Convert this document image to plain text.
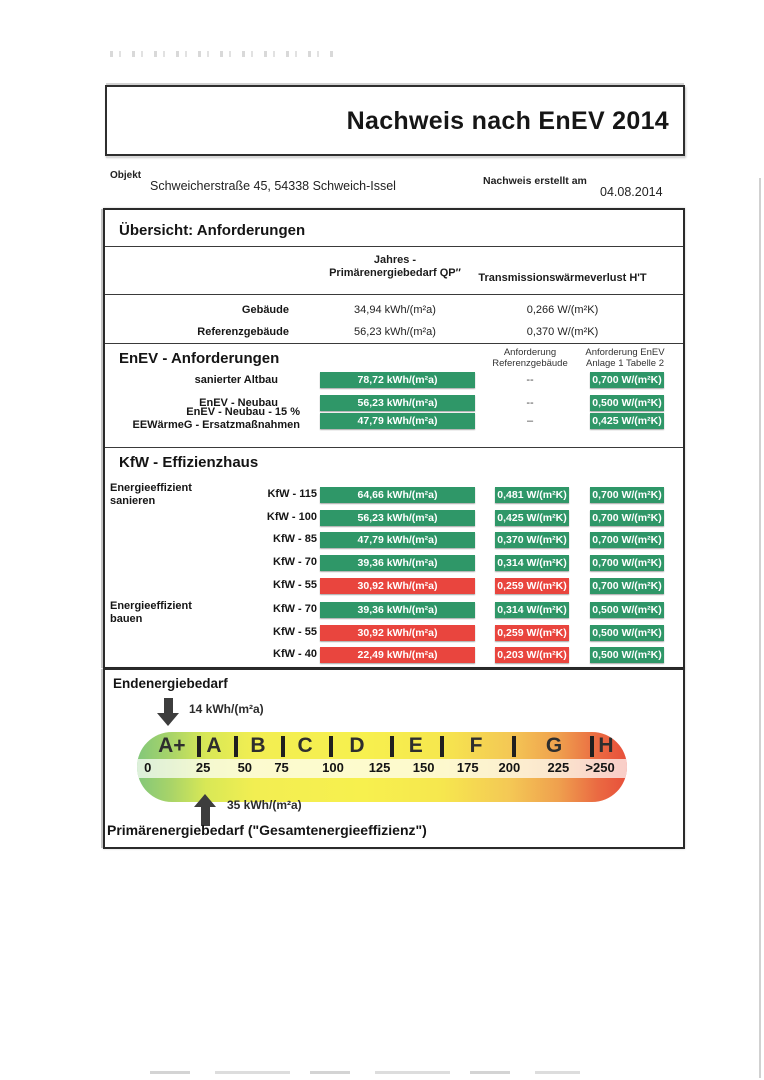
Nachweis nach EnEV 2014
Objekt
Schweicherstraße 45, 54338 Schweich-Issel	Nachweis erstellt am
04.08.2014
Übersicht: Anforderungen
Jahres -
Primärenergiebedarf QP″	Transmissionswärmeverlust H'T
Gebäude	34,94 kWh/(m²a)	0,266 W/(m²K)
Referenzgebäude	56,23 kWh/(m²a)	0,370 W/(m²K)
EnEV - Anforderungen	Anforderung
Referenzgebäude
Anforderung EnEV
Anlage 1 Tabelle 2
sanierter Altbau	78,72 kWh/(m²a)	--	0,700 W/(m²K)
EnEV - Neubau	56,23 kWh/(m²a)	--	0,500 W/(m²K)
EnEV - Neubau - 15 %
EEWärmeG - Ersatzmaßnahmen	47,79 kWh/(m²a)	–	0,425 W/(m²K)
KfW - Effizienzhaus
Energieeffizient
sanieren
KfW - 115	64,66 kWh/(m²a)	0,481 W/(m²K) 0,700 W/(m²K)
KfW - 100	56,23 kWh/(m²a)	0,425 W/(m²K) 0,700 W/(m²K)
KfW - 85	47,79 kWh/(m²a)	0,370 W/(m²K) 0,700 W/(m²K)
KfW - 70	39,36 kWh/(m²a)	0,314 W/(m²K) 0,700 W/(m²K)
KfW - 55	30,92 kWh/(m²a)	0,259 W/(m²K) 0,700 W/(m²K)
Energieeffizient
bauen
KfW - 70	39,36 kWh/(m²a)	0,314 W/(m²K) 0,500 W/(m²K)
KfW - 55	30,92 kWh/(m²a)	0,259 W/(m²K) 0,500 W/(m²K)
KfW - 40	22,49 kWh/(m²a)	0,203 W/(m²K) 0,500 W/(m²K)
Endenergiebedarf
14 kWh/(m²a)
A+ A B C D E F	G H
0	25 50 75	100 125 150 175 200 225 >250
35 kWh/(m²a)
Primärenergiebedarf ("Gesamtenergieeffizienz")
